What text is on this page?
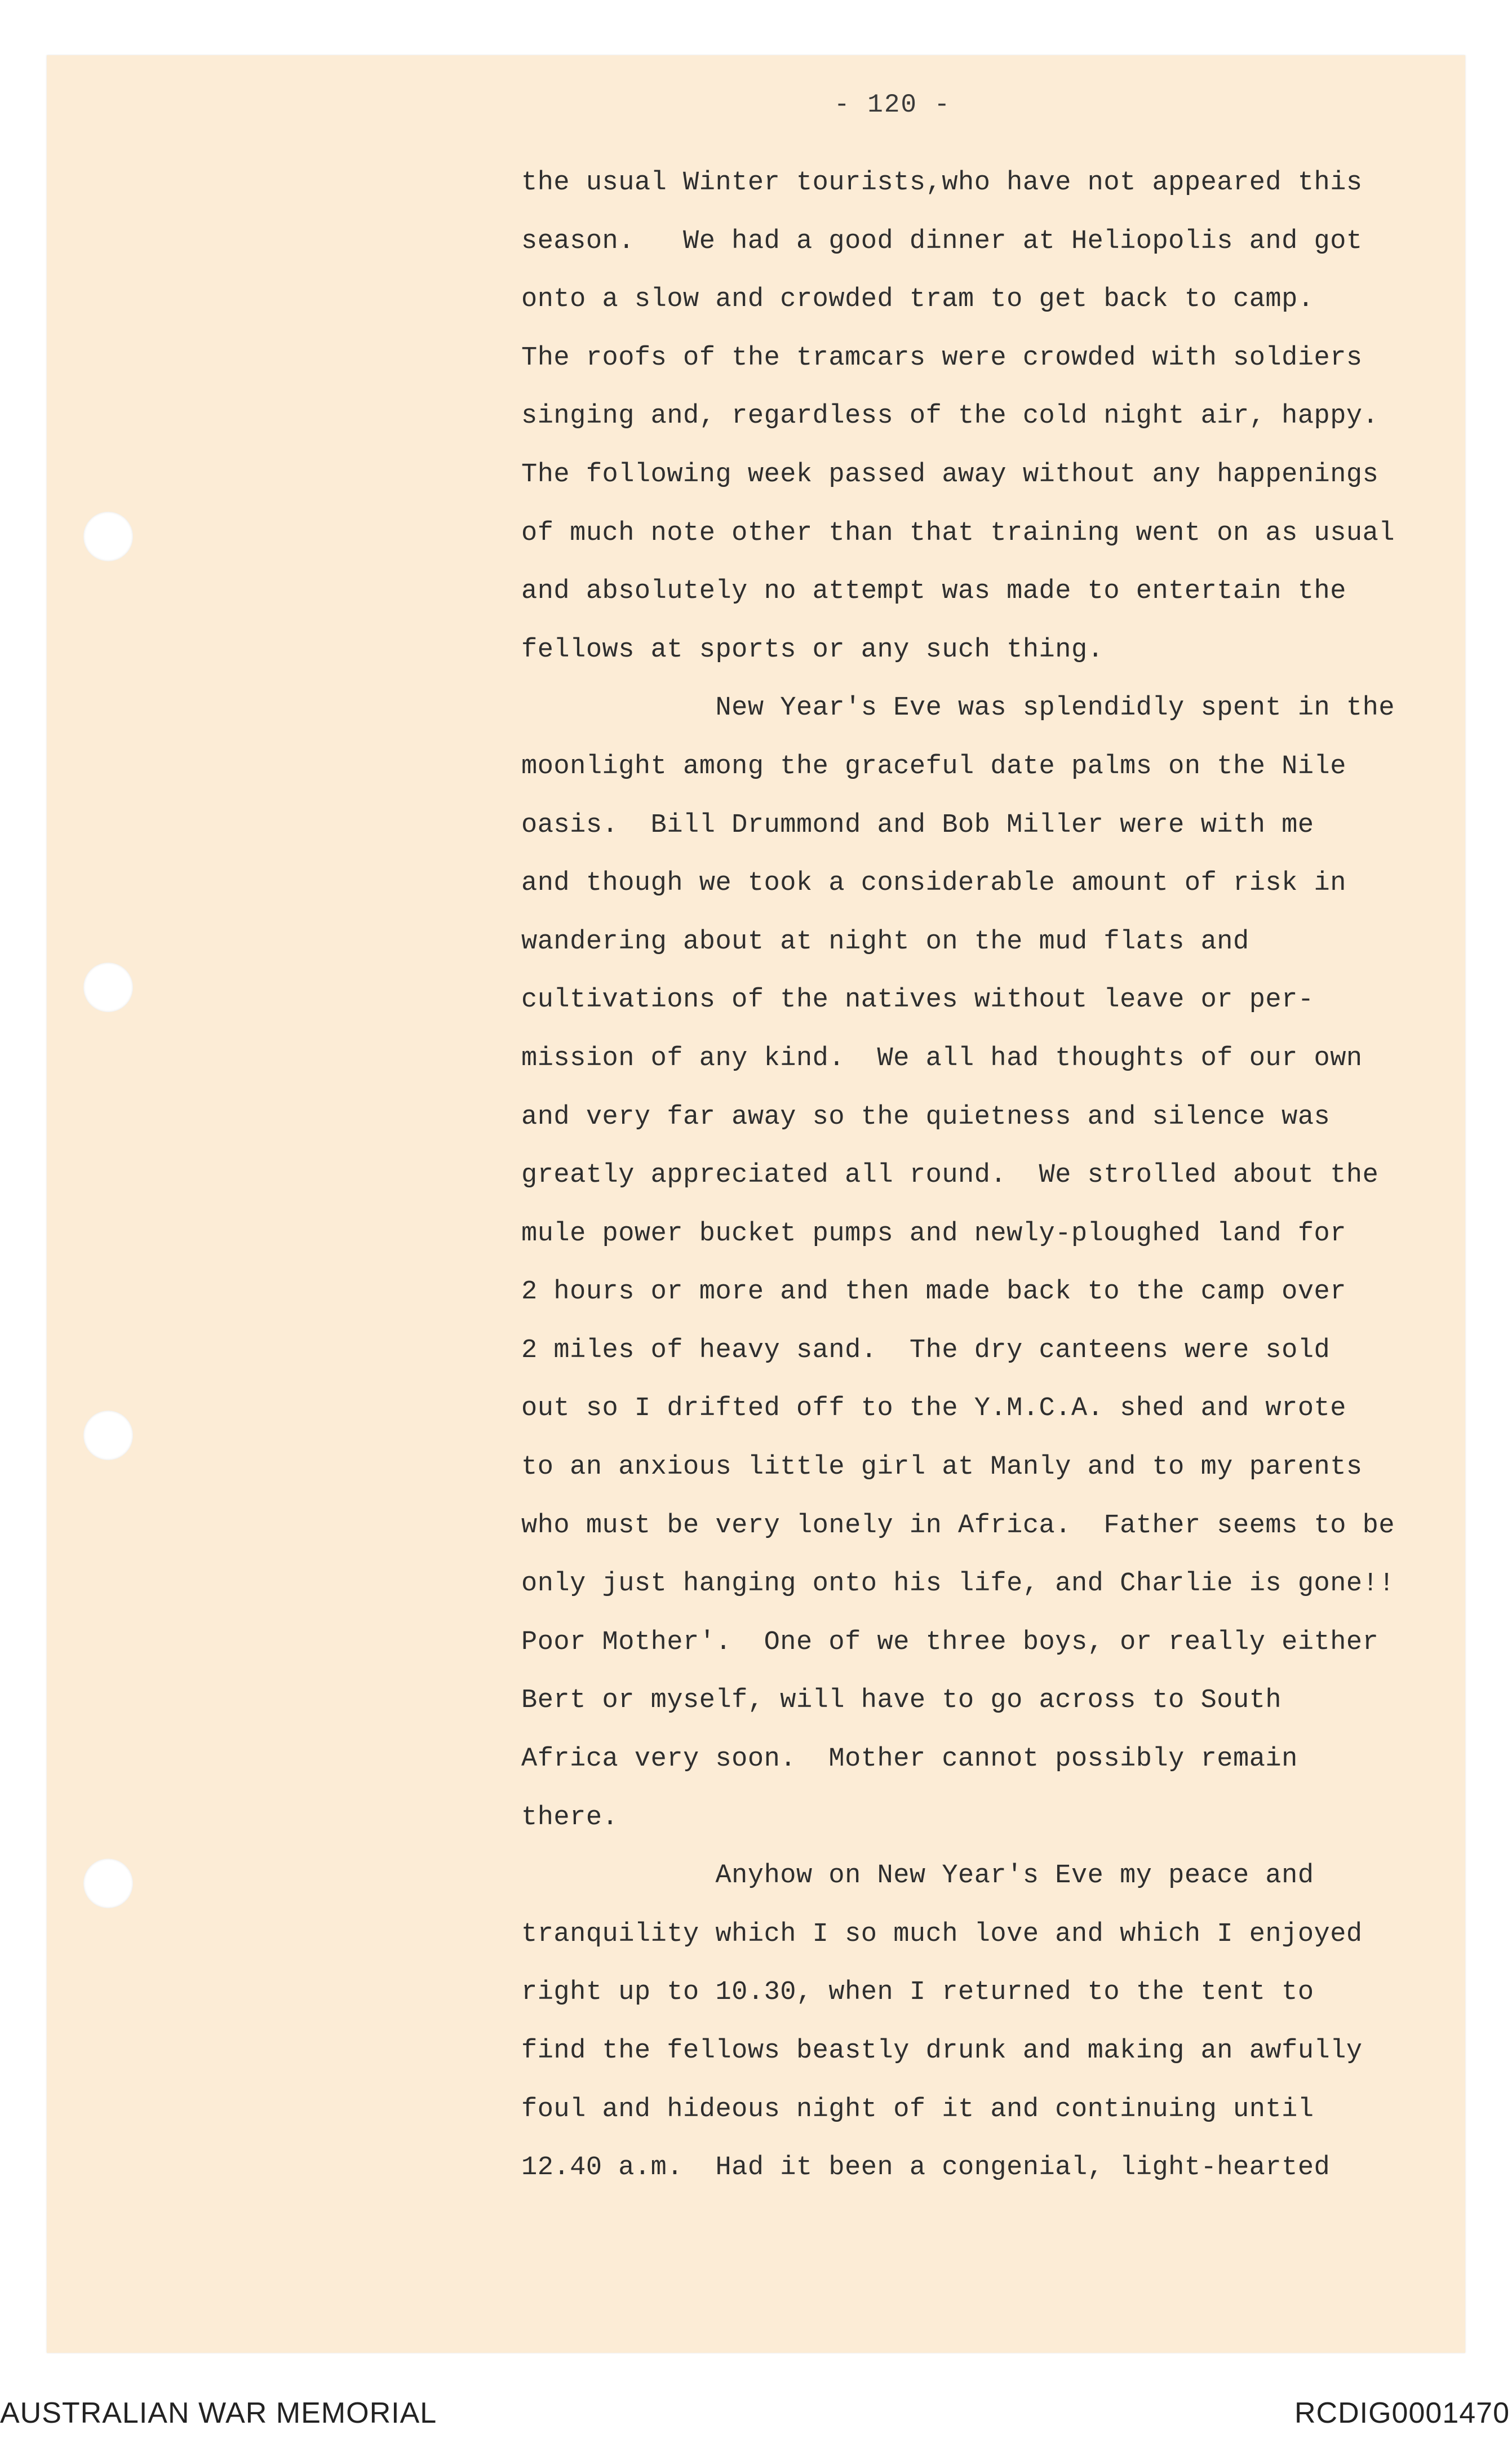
- 120 -
the usual Winter tourists,who have not appeared this
season.   We had a good dinner at Heliopolis and got
onto a slow and crowded tram to get back to camp.
The roofs of the tramcars were crowded with soldiers
singing and, regardless of the cold night air, happy.
The following week passed away without any happenings
of much note other than that training went on as usual
and absolutely no attempt was made to entertain the
fellows at sports or any such thing.
New Year's Eve was splendidly spent in the
moonlight among the graceful date palms on the Nile
oasis.  Bill Drummond and Bob Miller were with me
and though we took a considerable amount of risk in
wandering about at night on the mud flats and
cultivations of the natives without leave or per-
mission of any kind.  We all had thoughts of our own
and very far away so the quietness and silence was
greatly appreciated all round.  We strolled about the
mule power bucket pumps and newly-ploughed land for
2 hours or more and then made back to the camp over
2 miles of heavy sand.  The dry canteens were sold
out so I drifted off to the Y.M.C.A. shed and wrote
to an anxious little girl at Manly and to my parents
who must be very lonely in Africa.  Father seems to be
only just hanging onto his life, and Charlie is gone!!
Poor Mother'.  One of we three boys, or really either
Bert or myself, will have to go across to South
Africa very soon.  Mother cannot possibly remain
there.
Anyhow on New Year's Eve my peace and
tranquility which I so much love and which I enjoyed
right up to 10.30, when I returned to the tent to
find the fellows beastly drunk and making an awfully
foul and hideous night of it and continuing until
12.40 a.m.  Had it been a congenial, light-hearted
AUSTRALIAN WAR MEMORIAL	RCDIG0001470
